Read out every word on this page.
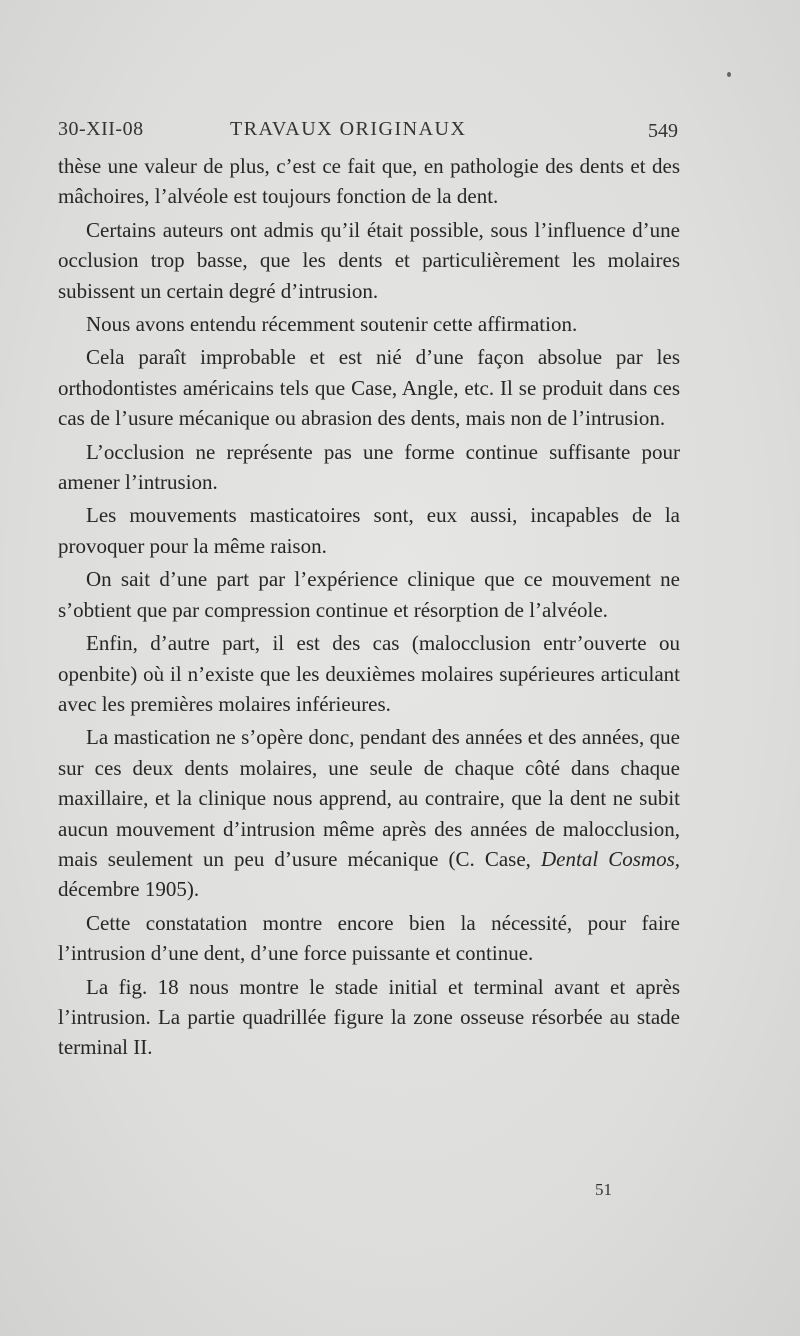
30-XII-08	TRAVAUX ORIGINAUX	549

thèse une valeur de plus, c’est ce fait que, en pathologie des dents et des mâchoires, l’alvéole est toujours fonction de la dent.

Certains auteurs ont admis qu’il était possible, sous l’influence d’une occlusion trop basse, que les dents et particulièrement les molaires subissent un certain degré d’intrusion.

Nous avons entendu récemment soutenir cette affirmation.

Cela paraît improbable et est nié d’une façon absolue par les orthodontistes américains tels que Case, Angle, etc. Il se produit dans ces cas de l’usure mécanique ou abrasion des dents, mais non de l’intrusion.

L’occlusion ne représente pas une forme continue suffisante pour amener l’intrusion.

Les mouvements masticatoires sont, eux aussi, incapables de la provoquer pour la même raison.

On sait d’une part par l’expérience clinique que ce mouvement ne s’obtient que par compression continue et résorption de l’alvéole.

Enfin, d’autre part, il est des cas (malocclusion entr’ouverte ou openbite) où il n’existe que les deuxièmes molaires supérieures articulant avec les premières molaires inférieures.

La mastication ne s’opère donc, pendant des années et des années, que sur ces deux dents molaires, une seule de chaque côté dans chaque maxillaire, et la clinique nous apprend, au contraire, que la dent ne subit aucun mouvement d’intrusion même après des années de malocclusion, mais seulement un peu d’usure mécanique (C. Case, Dental Cosmos, décembre 1905).

Cette constatation montre encore bien la nécessité, pour faire l’intrusion d’une dent, d’une force puissante et continue.

La fig. 18 nous montre le stade initial et terminal avant et après l’intrusion. La partie quadrillée figure la zone osseuse résorbée au stade terminal II.

51
